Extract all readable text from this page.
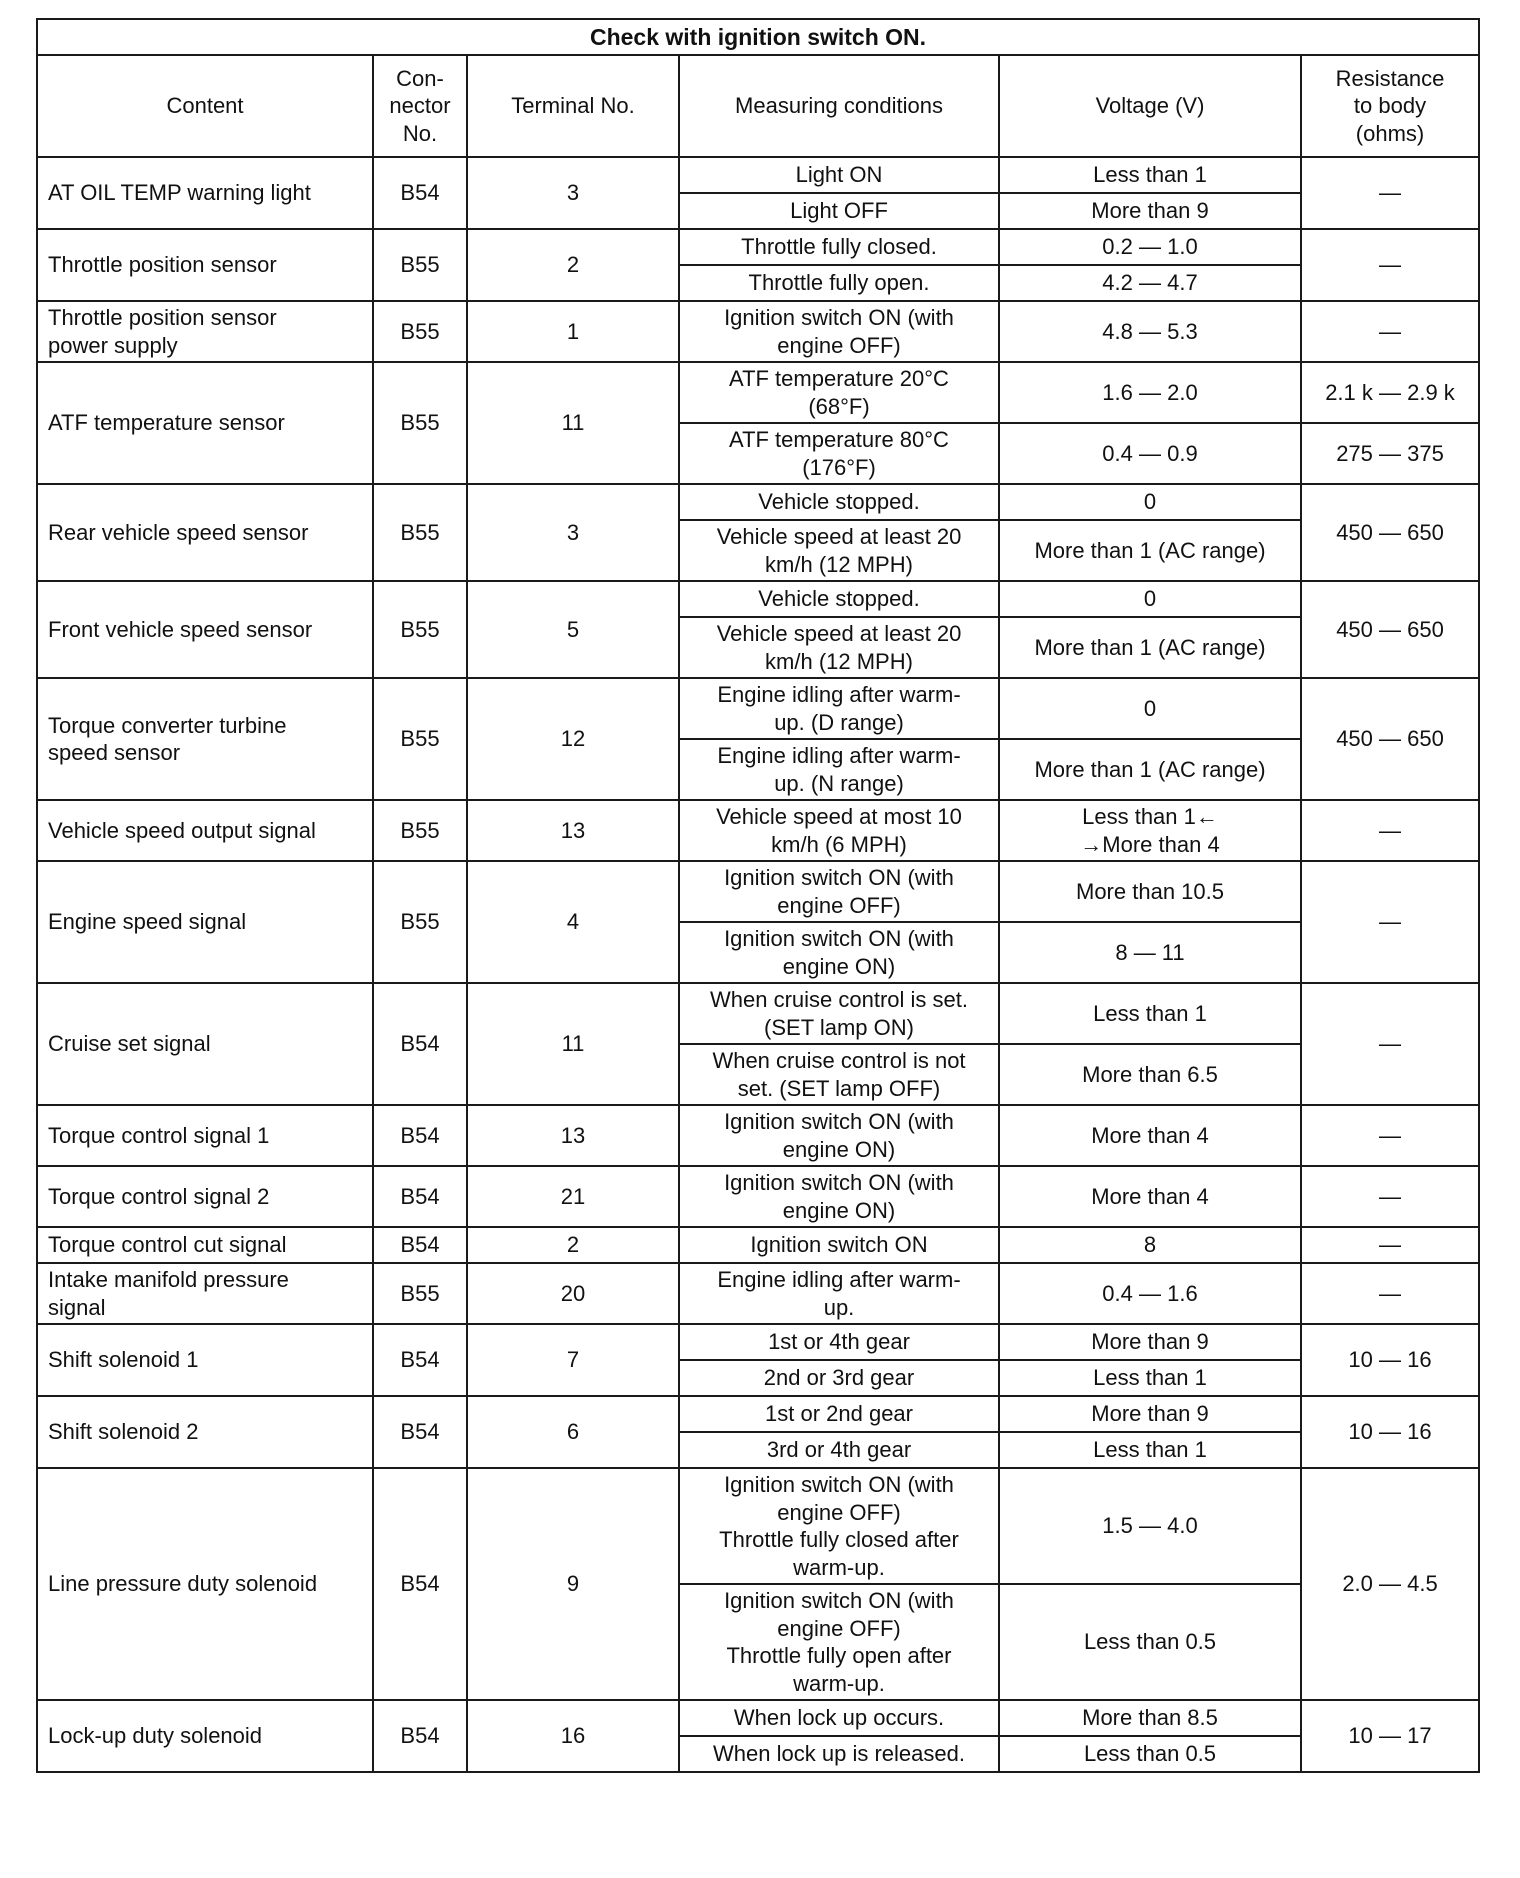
Check with ignition switch ON.					
Content	Con-
nector
No.	Terminal No.	Measuring conditions	Voltage (V)	Resistance
to body
(ohms)
AT OIL TEMP warning light	B54	3	Light ON	Less than 1	—
			Light OFF	More than 9	
Throttle position sensor	B55	2	Throttle fully closed.	0.2 — 1.0	—
			Throttle fully open.	4.2 — 4.7	
Throttle position sensor
power supply	B55	1	Ignition switch ON (with
engine OFF)	4.8 — 5.3	—
ATF temperature sensor	B55	11	ATF temperature 20°C
(68°F)	1.6 — 2.0	2.1 k — 2.9 k
			ATF temperature 80°C
(176°F)	0.4 — 0.9	275 — 375
Rear vehicle speed sensor	B55	3	Vehicle stopped.	0	450 — 650
			Vehicle speed at least 20
km/h (12 MPH)	More than 1 (AC range)	
Front vehicle speed sensor	B55	5	Vehicle stopped.	0	450 — 650
			Vehicle speed at least 20
km/h (12 MPH)	More than 1 (AC range)	
Torque converter turbine
speed sensor	B55	12	Engine idling after warm-
up. (D range)	0	450 — 650
			Engine idling after warm-
up. (N range)	More than 1 (AC range)	
Vehicle speed output signal	B55	13	Vehicle speed at most 10
km/h (6 MPH)	Less than 1←
→More than 4	—
Engine speed signal	B55	4	Ignition switch ON (with
engine OFF)	More than 10.5	—
			Ignition switch ON (with
engine ON)	8 — 11	
Cruise set signal	B54	11	When cruise control is set.
(SET lamp ON)	Less than 1	—
			When cruise control is not
set. (SET lamp OFF)	More than 6.5	
Torque control signal 1	B54	13	Ignition switch ON (with
engine ON)	More than 4	—
Torque control signal 2	B54	21	Ignition switch ON (with
engine ON)	More than 4	—
Torque control cut signal	B54	2	Ignition switch ON	8	—
Intake manifold pressure
signal	B55	20	Engine idling after warm-
up.	0.4 — 1.6	—
Shift solenoid 1	B54	7	1st or 4th gear	More than 9	10 — 16
			2nd or 3rd gear	Less than 1	
Shift solenoid 2	B54	6	1st or 2nd gear	More than 9	10 — 16
			3rd or 4th gear	Less than 1	
Line pressure duty solenoid	B54	9	Ignition switch ON (with
engine OFF)
Throttle fully closed after
warm-up.	1.5 — 4.0	2.0 — 4.5
			Ignition switch ON (with
engine OFF)
Throttle fully open after
warm-up.	Less than 0.5	
Lock-up duty solenoid	B54	16	When lock up occurs.	More than 8.5	10 — 17
			When lock up is released.	Less than 0.5	
